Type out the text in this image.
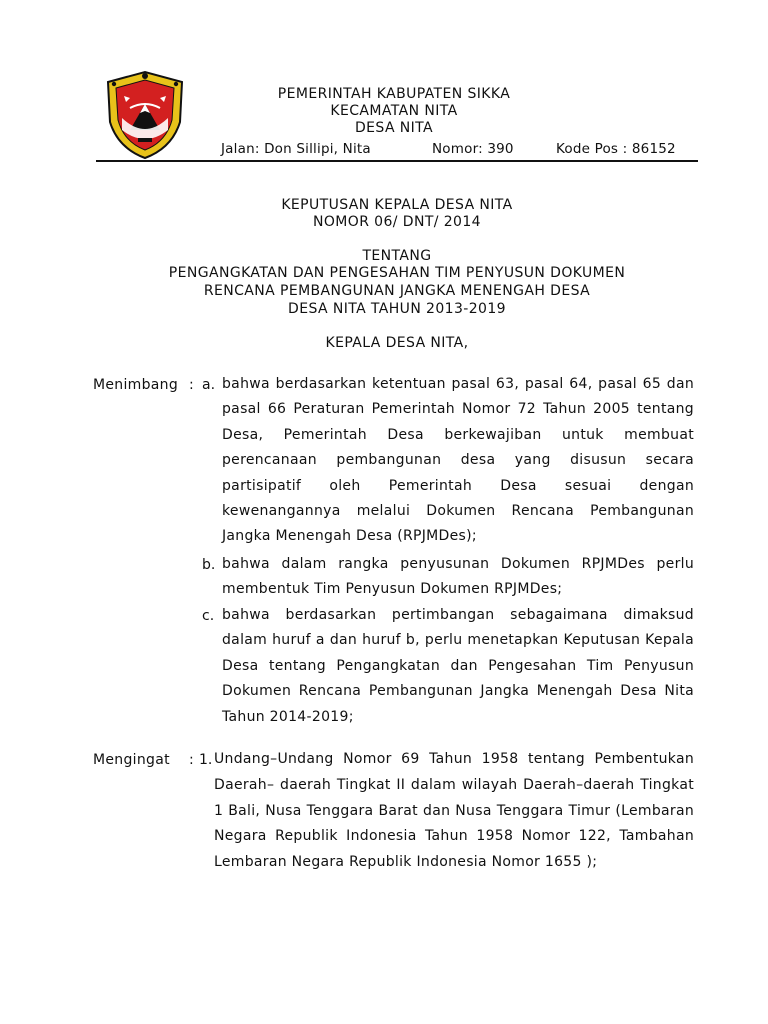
PEMERINTAH KABUPATEN SIKKA
KECAMATAN NITA
DESA NITA
Jalan: Don Sillipi, Nita	Nomor: 390	Kode Pos : 86152
KEPUTUSAN KEPALA DESA NITA
NOMOR 06/ DNT/ 2014
TENTANG
PENGANGKATAN DAN PENGESAHAN TIM PENYUSUN DOKUMEN
RENCANA PEMBANGUNAN JANGKA MENENGAH DESA
DESA NITA TAHUN 2013-2019
KEPALA DESA NITA,
Menimbang : a. bahwa berdasarkan ketentuan pasal 63, pasal 64, pasal 65 dan pasal 66 Peraturan Pemerintah Nomor 72 Tahun 2005 tentang Desa, Pemerintah Desa berkewajiban untuk membuat perencanaan pembangunan desa yang disusun secara partisipatif oleh Pemerintah Desa sesuai dengan kewenangannya melalui Dokumen Rencana Pembangunan Jangka Menengah Desa (RPJMDes);
b. bahwa dalam rangka penyusunan Dokumen RPJMDes perlu membentuk Tim Penyusun Dokumen RPJMDes;
c. bahwa berdasarkan pertimbangan sebagaimana dimaksud dalam huruf a dan huruf b, perlu menetapkan Keputusan Kepala Desa tentang Pengangkatan dan Pengesahan Tim Penyusun Dokumen Rencana Pembangunan Jangka Menengah Desa Nita Tahun 2014-2019;
Mengingat : 1. Undang–Undang Nomor 69 Tahun 1958 tentang Pembentukan Daerah– daerah Tingkat II dalam wilayah Daerah–daerah Tingkat 1 Bali, Nusa Tenggara Barat dan Nusa Tenggara Timur (Lembaran Negara Republik Indonesia Tahun 1958 Nomor 122, Tambahan Lembaran Negara Republik Indonesia Nomor 1655 );
